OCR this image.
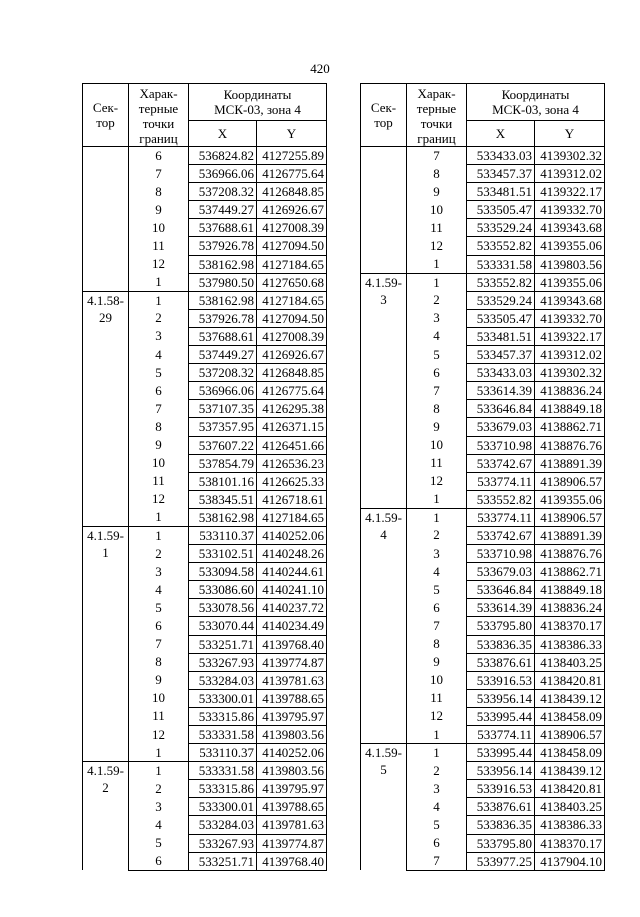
420
Сек-
тор	Харак-
терные
точки
границ	Координаты
МСК-03, зона 4	
		X	Y
	6	536824.82	4127255.89
	7	536966.06	4126775.64
	8	537208.32	4126848.85
	9	537449.27	4126926.67
	10	537688.61	4127008.39
	11	537926.78	4127094.50
	12	538162.98	4127184.65
	1	537980.50	4127650.68
4.1.58-
29	1	538162.98	4127184.65
	2	537926.78	4127094.50
	3	537688.61	4127008.39
	4	537449.27	4126926.67
	5	537208.32	4126848.85
	6	536966.06	4126775.64
	7	537107.35	4126295.38
	8	537357.95	4126371.15
	9	537607.22	4126451.66
	10	537854.79	4126536.23
	11	538101.16	4126625.33
	12	538345.51	4126718.61
	1	538162.98	4127184.65
4.1.59-
1	1	533110.37	4140252.06
	2	533102.51	4140248.26
	3	533094.58	4140244.61
	4	533086.60	4140241.10
	5	533078.56	4140237.72
	6	533070.44	4140234.49
	7	533251.71	4139768.40
	8	533267.93	4139774.87
	9	533284.03	4139781.63
	10	533300.01	4139788.65
	11	533315.86	4139795.97
	12	533331.58	4139803.56
	1	533110.37	4140252.06
4.1.59-
2	1	533331.58	4139803.56
	2	533315.86	4139795.97
	3	533300.01	4139788.65
	4	533284.03	4139781.63
	5	533267.93	4139774.87
	6	533251.71	4139768.40
Сек-
тор	Харак-
терные
точки
границ	Координаты
МСК-03, зона 4	
		X	Y
	7	533433.03	4139302.32
	8	533457.37	4139312.02
	9	533481.51	4139322.17
	10	533505.47	4139332.70
	11	533529.24	4139343.68
	12	533552.82	4139355.06
	1	533331.58	4139803.56
4.1.59-
3	1	533552.82	4139355.06
	2	533529.24	4139343.68
	3	533505.47	4139332.70
	4	533481.51	4139322.17
	5	533457.37	4139312.02
	6	533433.03	4139302.32
	7	533614.39	4138836.24
	8	533646.84	4138849.18
	9	533679.03	4138862.71
	10	533710.98	4138876.76
	11	533742.67	4138891.39
	12	533774.11	4138906.57
	1	533552.82	4139355.06
4.1.59-
4	1	533774.11	4138906.57
	2	533742.67	4138891.39
	3	533710.98	4138876.76
	4	533679.03	4138862.71
	5	533646.84	4138849.18
	6	533614.39	4138836.24
	7	533795.80	4138370.17
	8	533836.35	4138386.33
	9	533876.61	4138403.25
	10	533916.53	4138420.81
	11	533956.14	4138439.12
	12	533995.44	4138458.09
	1	533774.11	4138906.57
4.1.59-
5	1	533995.44	4138458.09
	2	533956.14	4138439.12
	3	533916.53	4138420.81
	4	533876.61	4138403.25
	5	533836.35	4138386.33
	6	533795.80	4138370.17
	7	533977.25	4137904.10
